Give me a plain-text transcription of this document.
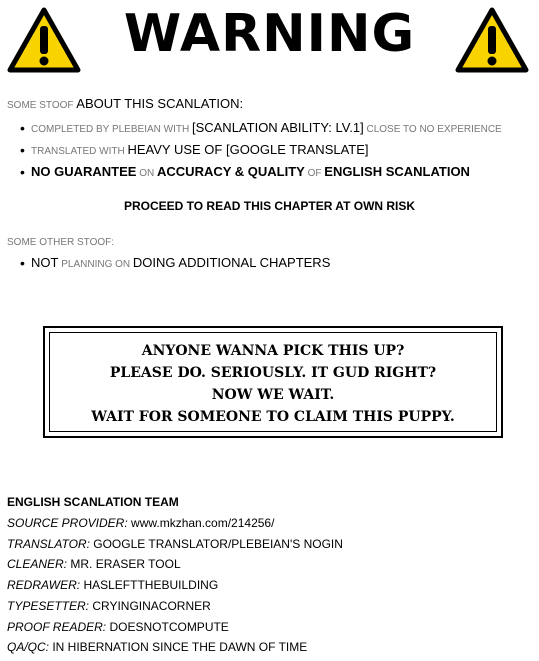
WARNING
SOME STOOF ABOUT THIS SCANLATION:
• COMPLETED BY PLEBEIAN WITH [SCANLATION ABILITY: LV.1] CLOSE TO NO EXPERIENCE
• TRANSLATED WITH HEAVY USE OF [GOOGLE TRANSLATE]
• NO GUARANTEE ON ACCURACY & QUALITY OF ENGLISH SCANLATION
PROCEED TO READ THIS CHAPTER AT OWN RISK
SOME OTHER STOOF:
• NOT PLANNING ON DOING ADDITIONAL CHAPTERS
ANYONE WANNA PICK THIS UP?
PLEASE DO. SERIOUSLY. IT GUD RIGHT?
NOW WE WAIT.
WAIT FOR SOMEONE TO CLAIM THIS PUPPY.
ENGLISH SCANLATION TEAM
SOURCE PROVIDER: www.mkzhan.com/214256/
TRANSLATOR: GOOGLE TRANSLATOR/PLEBEIAN'S NOGIN
CLEANER: MR. ERASER TOOL
REDRAWER: HASLEFTTHEBUILDING
TYPESETTER: CRYINGINACORNER
PROOF READER: DOESNOTCOMPUTE
QA/QC: IN HIBERNATION SINCE THE DAWN OF TIME
